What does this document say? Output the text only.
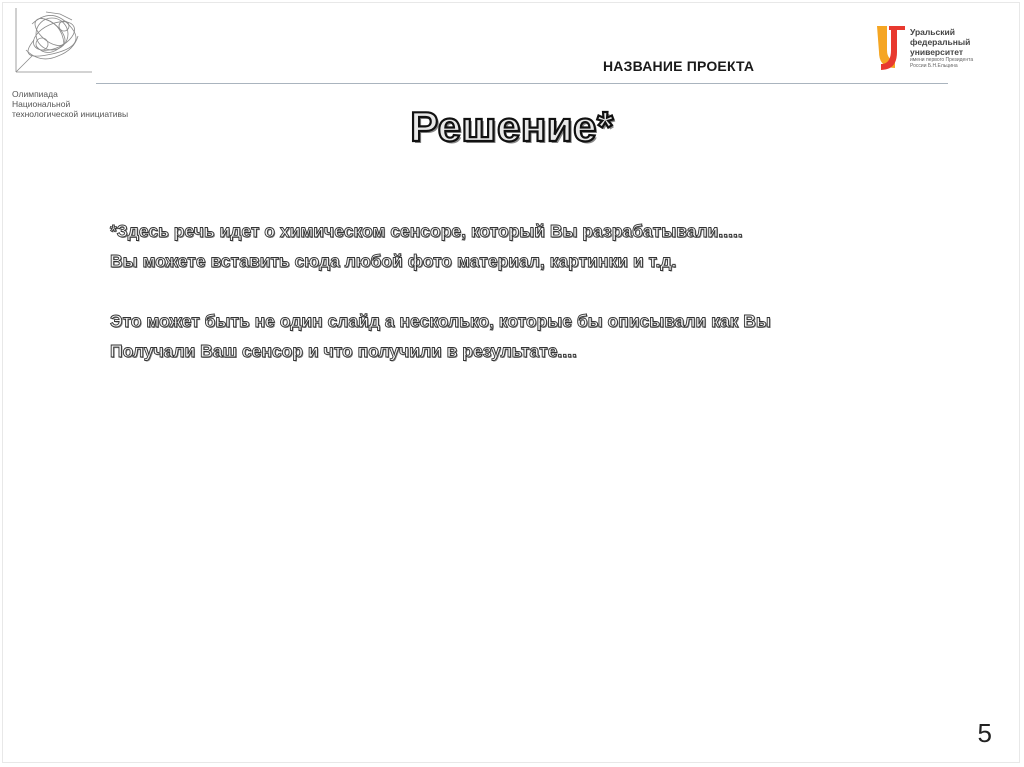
Олимпиада
Национальной
технологической инициативы
НАЗВАНИЕ ПРОЕКТА
Уральский
федеральный
университет
имени первого Президента
России Б.Н.Ельцина
Решение*

*Здесь речь идет о химическом сенсоре, который Вы разрабатывали.....

Вы можете вставить сюда любой фото материал, картинки и т.д.

Это может быть не один слайд а несколько, которые бы описывали как Вы

Получали Ваш сенсор и что получили в результате....

5
